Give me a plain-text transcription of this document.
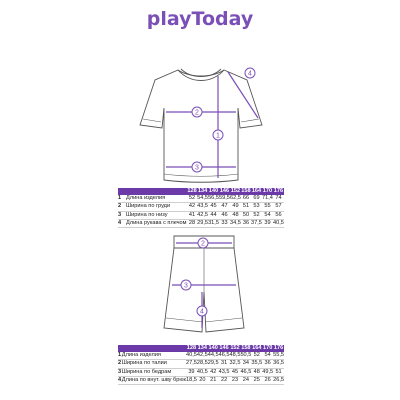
playToday
1
2
3
4
2
3
4
		128	134	140	146	152	158	164	170	176
1	Длина изделия	52	54,5	56,5	59,5	62,5	66	69	71,4	74
2	Ширина по груди	42	43,5	45	47	49	51	53	55	57
3	Ширина по низу	41	42,5	44	46	48	50	52	54	56
4	Длина рукава с плечом	28	29,5	31,5	33	34,5	36	37,5	39	40,5
		128	134	140	146	152	158	164	170	176
1	Длина изделия	40,5	42,5	44,5	46,5	48,5	50,5	52	54	55,5
2	Ширина по талии	27,5	28,5	29,5	31	32,5	34	35,5	36	36,5
3	Ширина по бедрам	39	40,5	42	43,5	45	46,5	48	49,5	51
4	Длина по внут. шву брюк	18,5	20	21	22	23	24	25	26	26,5
